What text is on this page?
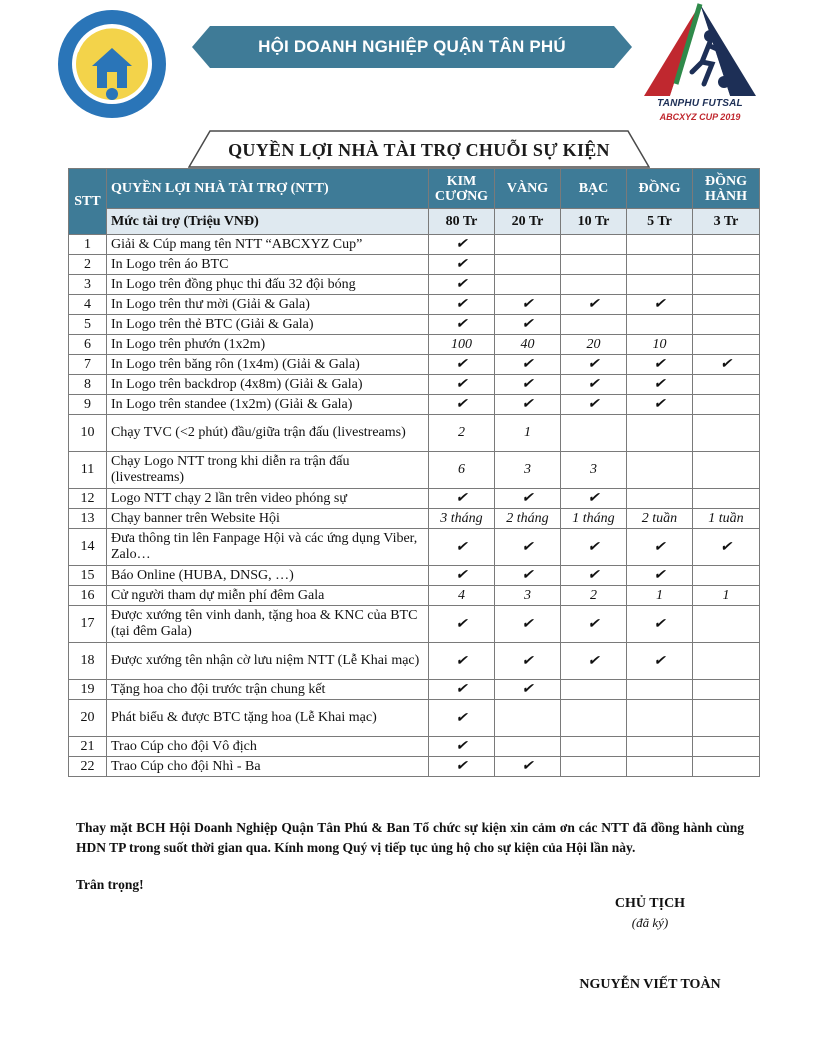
HỘI DOANH NGHIỆP QUẬN TÂN PHÚ
TANPHU FUTSAL
ABCXYZ CUP 2019
QUYỀN LỢI NHÀ TÀI TRỢ CHUỖI SỰ KIỆN
STT	QUYỀN LỢI NHÀ TÀI TRỢ (NTT)	KIM CƯƠNG	VÀNG	BẠC	ĐỒNG	ĐỒNG HÀNH
	Mức tài trợ (Triệu VNĐ)	80 Tr	20 Tr	10 Tr	5 Tr	3 Tr
1	Giải & Cúp mang tên NTT “ABCXYZ Cup”	✔				
2	In Logo trên áo BTC	✔				
3	In Logo trên đồng phục thi đấu 32 đội bóng	✔				
4	In Logo trên thư mời (Giải & Gala)	✔	✔	✔	✔	
5	In Logo trên thẻ BTC (Giải & Gala)	✔	✔			
6	In Logo trên phướn (1x2m)	100	40	20	10	
7	In Logo trên băng rôn (1x4m) (Giải & Gala)	✔	✔	✔	✔	✔
8	In Logo trên backdrop (4x8m) (Giải & Gala)	✔	✔	✔	✔	
9	In Logo trên standee (1x2m) (Giải & Gala)	✔	✔	✔	✔	
10	Chạy TVC (<2 phút) đầu/giữa trận đấu (livestreams)	2	1			
11	Chạy Logo NTT trong khi diễn ra trận đấu (livestreams)	6	3	3		
12	Logo NTT chạy 2 lần trên video phóng sự	✔	✔	✔		
13	Chạy banner trên Website Hội	3 tháng	2 tháng	1 tháng	2 tuần	1 tuần
14	Đưa thông tin lên Fanpage Hội và các ứng dụng Viber, Zalo…	✔	✔	✔	✔	✔
15	Báo Online (HUBA, DNSG, …)	✔	✔	✔	✔	
16	Cử người tham dự miễn phí đêm Gala	4	3	2	1	1
17	Được xướng tên vinh danh, tặng hoa & KNC của BTC (tại đêm Gala)	✔	✔	✔	✔	
18	Được xướng tên nhận cờ lưu niệm NTT (Lễ Khai mạc)	✔	✔	✔	✔	
19	Tặng hoa cho đội trước trận chung kết	✔	✔			
20	Phát biểu & được BTC tặng hoa (Lễ Khai mạc)	✔				
21	Trao Cúp cho đội Vô địch	✔				
22	Trao Cúp cho đội Nhì - Ba	✔	✔			
Thay mặt BCH Hội Doanh Nghiệp Quận Tân Phú & Ban Tổ chức sự kiện xin cảm ơn các NTT đã đồng hành cùng HDN TP trong suốt thời gian qua. Kính mong Quý vị tiếp tục ủng hộ cho sự kiện của Hội lần này.
Trân trọng!
CHỦ TỊCH
(đã ký)
NGUYỄN VIẾT TOÀN
